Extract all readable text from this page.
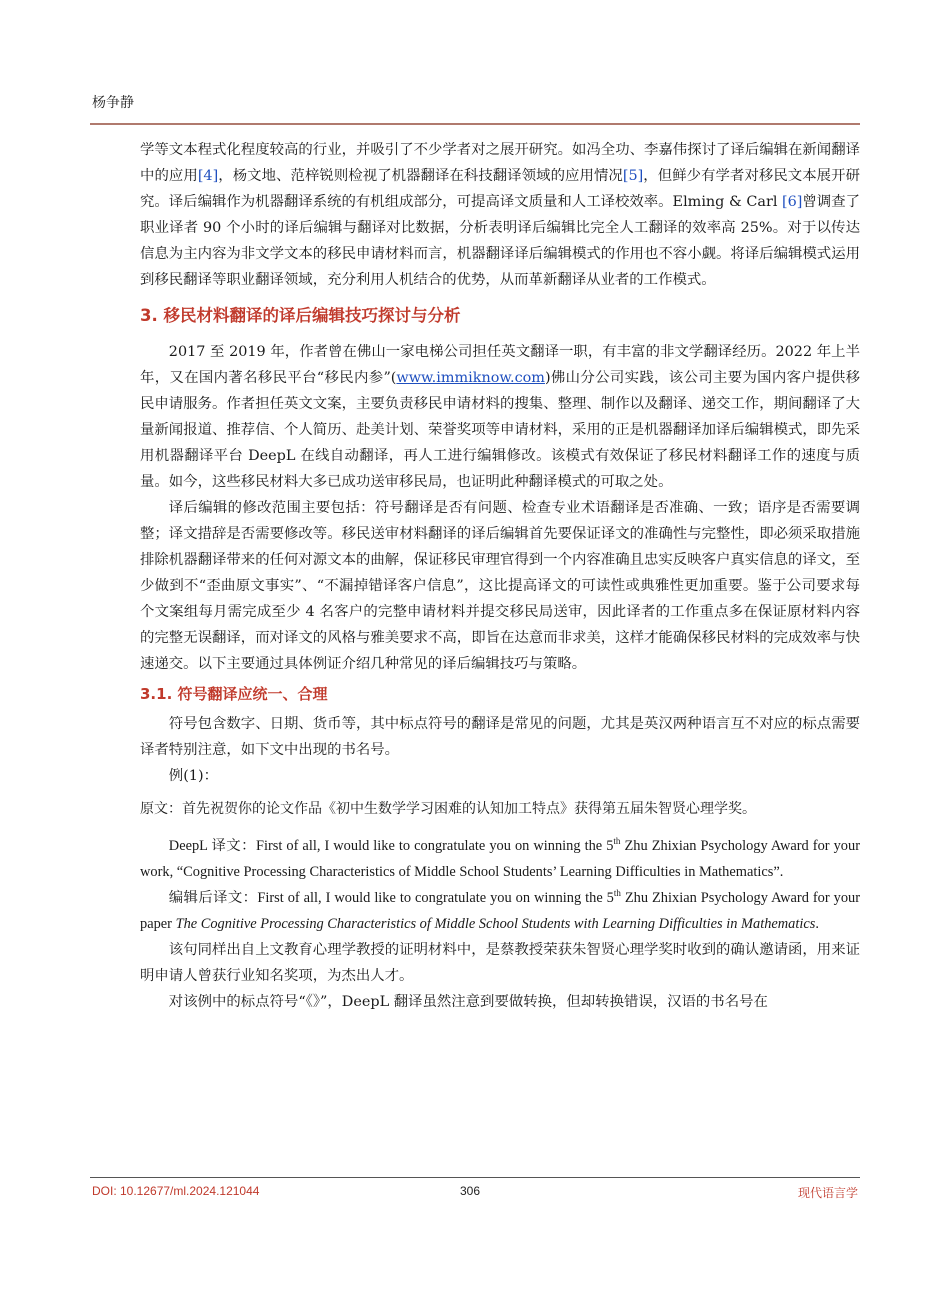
杨争静

学等文本程式化程度较高的行业，并吸引了不少学者对之展开研究。如冯全功、李嘉伟探讨了译后编辑在新闻翻译中的应用[4]，杨文地、范梓锐则检视了机器翻译在科技翻译领域的应用情况[5]，但鲜少有学者对移民文本展开研究。译后编辑作为机器翻译系统的有机组成部分，可提高译文质量和人工译校效率。Elming & Carl [6]曾调查了职业译者 90 个小时的译后编辑与翻译对比数据，分析表明译后编辑比完全人工翻译的效率高 25%。对于以传达信息为主内容为非文学文本的移民申请材料而言，机器翻译译后编辑模式的作用也不容小觑。将译后编辑模式运用到移民翻译等职业翻译领域，充分利用人机结合的优势，从而革新翻译从业者的工作模式。

3. 移民材料翻译的译后编辑技巧探讨与分析

2017 至 2019 年，作者曾在佛山一家电梯公司担任英文翻译一职，有丰富的非文学翻译经历。2022 年上半年，又在国内著名移民平台“移民内参”(www.immiknow.com)佛山分公司实践，该公司主要为国内客户提供移民申请服务。作者担任英文文案，主要负责移民申请材料的搜集、整理、制作以及翻译、递交工作，期间翻译了大量新闻报道、推荐信、个人简历、赴美计划、荣誉奖项等申请材料，采用的正是机器翻译加译后编辑模式，即先采用机器翻译平台 DeepL 在线自动翻译，再人工进行编辑修改。该模式有效保证了移民材料翻译工作的速度与质量。如今，这些移民材料大多已成功送审移民局，也证明此种翻译模式的可取之处。

译后编辑的修改范围主要包括：符号翻译是否有问题、检查专业术语翻译是否准确、一致；语序是否需要调整；译文措辞是否需要修改等。移民送审材料翻译的译后编辑首先要保证译文的准确性与完整性，即必须采取措施排除机器翻译带来的任何对源文本的曲解，保证移民审理官得到一个内容准确且忠实反映客户真实信息的译文，至少做到不“歪曲原文事实”、“不漏掉错译客户信息”，这比提高译文的可读性或典雅性更加重要。鉴于公司要求每个文案组每月需完成至少 4 名客户的完整申请材料并提交移民局送审，因此译者的工作重点多在保证原材料内容的完整无误翻译，而对译文的风格与雅美要求不高，即旨在达意而非求美，这样才能确保移民材料的完成效率与快速递交。以下主要通过具体例证介绍几种常见的译后编辑技巧与策略。

3.1. 符号翻译应统一、合理

符号包含数字、日期、货币等，其中标点符号的翻译是常见的问题，尤其是英汉两种语言互不对应的标点需要译者特别注意，如下文中出现的书名号。

例(1)：

原文：首先祝贺你的论文作品《初中生数学学习困难的认知加工特点》获得第五届朱智贤心理学奖。

DeepL 译文：First of all, I would like to congratulate you on winning the 5th Zhu Zhixian Psychology Award for your work, “Cognitive Processing Characteristics of Middle School Students’ Learning Difficulties in Mathematics”.

编辑后译文：First of all, I would like to congratulate you on winning the 5th Zhu Zhixian Psychology Award for your paper The Cognitive Processing Characteristics of Middle School Students with Learning Difficulties in Mathematics.

该句同样出自上文教育心理学教授的证明材料中，是蔡教授荣获朱智贤心理学奖时收到的确认邀请函，用来证明申请人曾获行业知名奖项，为杰出人才。

对该例中的标点符号“《》”，DeepL 翻译虽然注意到要做转换，但却转换错误，汉语的书名号在

DOI: 10.12677/ml.2024.121044	306	现代语言学
